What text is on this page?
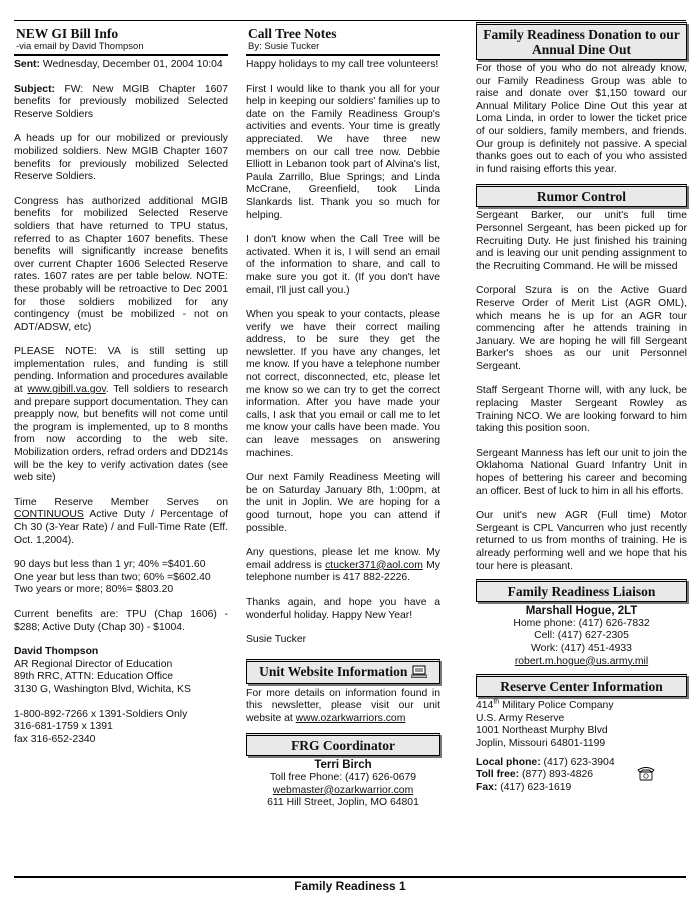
NEW GI Bill Info
-via email by David Thompson

Sent: Wednesday, December 01, 2004 10:04

Subject: FW: New MGIB Chapter 1607 benefits for previously mobilized Selected Reserve Soldiers

A heads up for our mobilized or previously mobilized soldiers. New MGIB Chapter 1607 benefits for previously mobilized Selected Reserve Soldiers.

Congress has authorized additional MGIB benefits for mobilized Selected Reserve soldiers that have returned to TPU status, referred to as Chapter 1607 benefits. These benefits will significantly increase benefits over current Chapter 1606 Selected Reserve rates. 1607 rates are per table below. NOTE: these probably will be retroactive to Dec 2001 for those soldiers mobilized for any contingency (must be mobilized - not on ADT/ADSW, etc)

PLEASE NOTE: VA is still setting up implementation rules, and funding is still pending. Information and procedures available at www.gibill.va.gov. Tell soldiers to research and prepare support documentation. They can preapply now, but benefits will not come until the program is implemented, up to 8 months from now according to the web site. Mobilization orders, refrad orders and DD214s will be the key to verify activation dates (see web site)

Time Reserve Member Serves on CONTINUOUS Active Duty / Percentage of Ch 30 (3-Year Rate) / and Full-Time Rate (Eff. Oct. 1,2004).

90 days but less than 1 yr; 40% =$401.60

One year but less than two; 60% =$602.40

Two years or more; 80%= $803.20

Current benefits are: TPU (Chap 1606) - $288; Active Duty (Chap 30) - $1004.

David Thompson
AR Regional Director of Education
89th RRC, ATTN: Education Office
3130 G, Washington Blvd, Wichita, KS
1-800-892-7266 x 1391-Soldiers Only
316-681-1759 x 1391
fax 316-652-2340
Call Tree Notes
By: Susie Tucker

Happy holidays to my call tree volunteers!

First I would like to thank you all for your help in keeping our soldiers' families up to date on the Family Readiness Group's activities and events. Your time is greatly appreciated. We have three new members on our call tree now. Debbie Elliott in Lebanon took part of Alvina's list, Paula Zarrillo, Blue Springs; and Linda McCrane, Greenfield, took Linda Slankards list. Thank you so much for helping.

I don't know when the Call Tree will be activated. When it is, I will send an email of the information to share, and call to make sure you got it. (If you don't have email, I'll just call you.)

When you speak to your contacts, please verify we have their correct mailing address, to be sure they get the newsletter. If you have any changes, let me know. If you have a telephone number not correct, disconnected, etc, please let me know so we can try to get the correct information. After you have made your calls, I ask that you email or call me to let me know your calls have been made. You can leave messages on answering machines.

Our next Family Readiness Meeting will be on Saturday January 8th, 1:00pm, at the unit in Joplin. We are hoping for a good turnout, hope you can attend if possible.

Any questions, please let me know. My email address is ctucker371@aol.com My telephone number is 417 882-2226.

Thanks again, and hope you have a wonderful holiday. Happy New Year!

Susie Tucker

Unit Website Information

For more details on information found in this newsletter, please visit our unit website at www.ozarkwarriors.com

FRG Coordinator
Terri Birch
Toll free Phone: (417) 626-0679
webmaster@ozarkwarrior.com
611 Hill Street, Joplin, MO 64801
Family Readiness Donation to our Annual Dine Out

For those of you who do not already know, our Family Readiness Group was able to raise and donate over $1,150 toward our Annual Military Police Dine Out this year at Loma Linda, in order to lower the ticket price of our soldiers, family members, and friends. Our group is definitely not passive. A special thanks goes out to each of you who assisted in fund raising efforts this year.

Rumor Control

Sergeant Barker, our unit's full time Personnel Sergeant, has been picked up for Recruiting Duty. He just finished his training and is leaving our unit pending assignment to the Recruiting Command. He will be missed

Corporal Szura is on the Active Guard Reserve Order of Merit List (AGR OML), which means he is up for an AGR tour commencing after he attends training in January. We are hoping he will fill Sergeant Barker's shoes as our unit Personnel Sergeant.

Staff Sergeant Thorne will, with any luck, be replacing Master Sergeant Rowley as Training NCO. We are looking forward to him taking this position soon.

Sergeant Manness has left our unit to join the Oklahoma National Guard Infantry Unit in hopes of bettering his career and becoming an officer. Best of luck to him in all his efforts.

Our unit's new AGR (Full time) Motor Sergeant is CPL Vancurren who just recently returned to us from months of training. He is already performing well and we hope that his tour here is pleasant.

Family Readiness Liaison
Marshall Hogue, 2LT
Home phone: (417) 626-7832
Cell: (417) 627-2305
Work: (417) 451-4933
robert.m.hogue@us.army.mil
Reserve Center Information
414th Military Police Company
U.S. Army Reserve
1001 Northeast Murphy Blvd
Joplin, Missouri 64801-1199
Local phone: (417) 623-3904
Toll free: (877) 893-4826
Fax: (417) 623-1619
Family Readiness 1
